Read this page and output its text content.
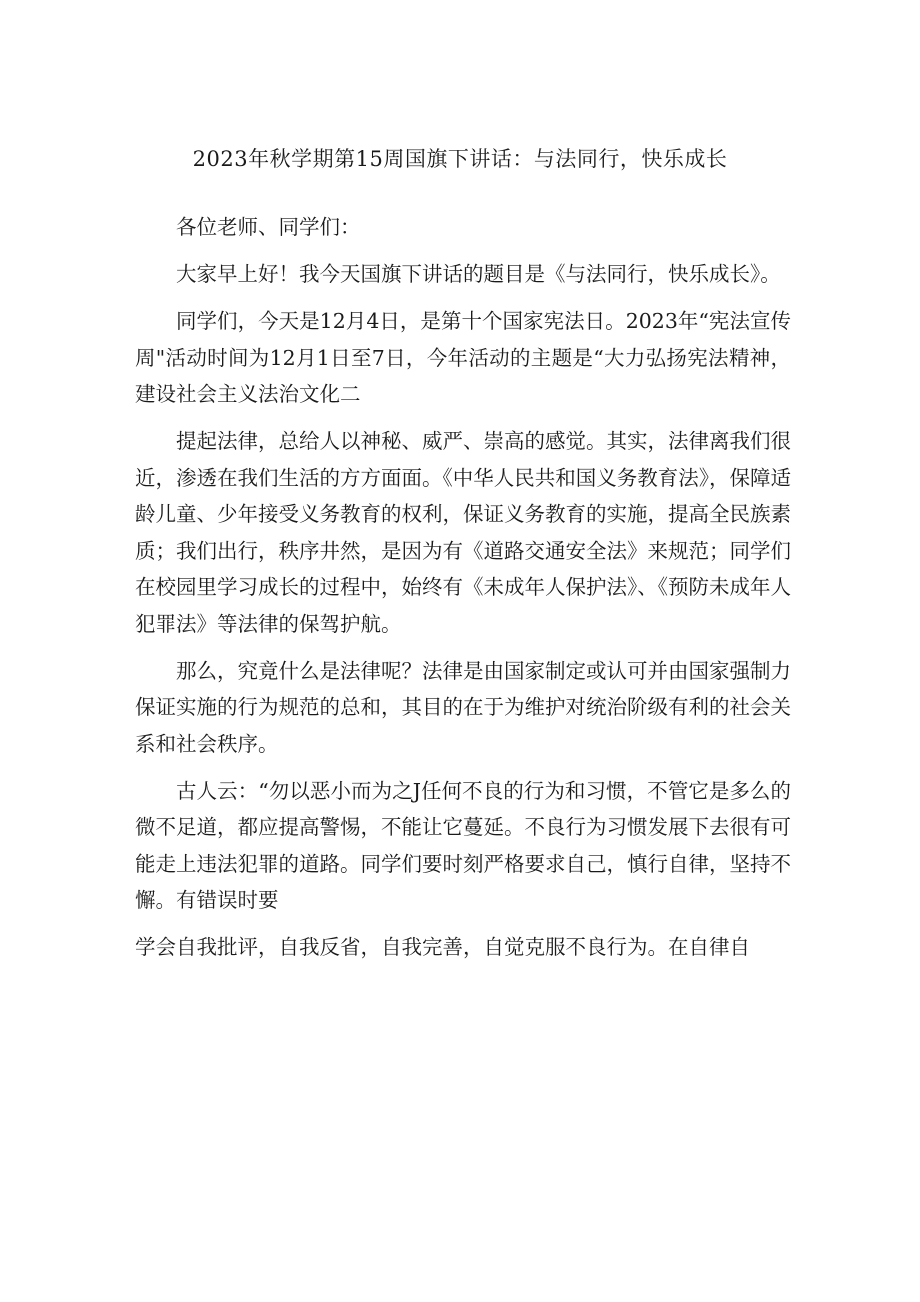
2023年秋学期第15周国旗下讲话：与法同行，快乐成长

各位老师、同学们：

大家早上好！我今天国旗下讲话的题目是《与法同行，快乐成长》。

同学们，今天是12月4日，是第十个国家宪法日。2023年“宪法宣传周"活动时间为12月1日至7日，今年活动的主题是“大力弘扬宪法精神，建设社会主义法治文化二

提起法律，总给人以神秘、威严、崇高的感觉。其实，法律离我们很近，渗透在我们生活的方方面面。《中华人民共和国义务教育法》，保障适龄儿童、少年接受义务教育的权利，保证义务教育的实施，提高全民族素质；我们出行，秩序井然，是因为有《道路交通安全法》来规范；同学们在校园里学习成长的过程中，始终有《未成年人保护法》、《预防未成年人犯罪法》等法律的保驾护航。

那么，究竟什么是法律呢？法律是由国家制定或认可并由国家强制力保证实施的行为规范的总和，其目的在于为维护对统治阶级有利的社会关系和社会秩序。

古人云：“勿以恶小而为之J任何不良的行为和习惯，不管它是多么的微不足道，都应提高警惕，不能让它蔓延。不良行为习惯发展下去很有可能走上违法犯罪的道路。同学们要时刻严格要求自己，慎行自律，坚持不懈。有错误时要

学会自我批评，自我反省，自我完善，自觉克服不良行为。在自律自
